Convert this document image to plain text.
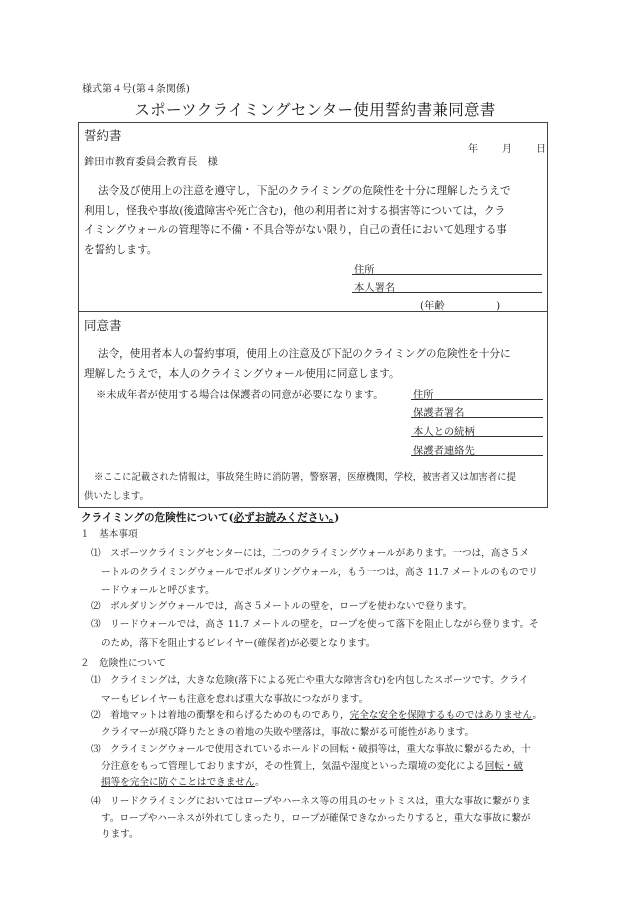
様式第４号(第４条関係)
スポーツクライミングセンター使用誓約書兼同意書
誓約書
年 月 日
鉾田市教育委員会教育長　様
法令及び使用上の注意を遵守し，下記のクライミングの危険性を十分に理解したうえで
利用し，怪我や事故(後遺障害や死亡含む)，他の利用者に対する損害等については，クラ
イミングウォールの管理等に不備・不具合等がない限り，自己の責任において処理する事
を誓約します。
住所
本人署名
(年齢　　　　　)
同意書
法令，使用者本人の誓約事項，使用上の注意及び下記のクライミングの危険性を十分に
理解したうえで，本人のクライミングウォール使用に同意します。
※未成年者が使用する場合は保護者の同意が必要になります。	住所
保護者署名
本人との続柄
保護者連絡先
※ここに記載された情報は，事故発生時に消防署，警察署，医療機関，学校，被害者又は加害者に提
供いたします。
クライミングの危険性について(必ずお読みください。)
１　基本事項
⑴　スポーツクライミングセンターには，二つのクライミングウォールがあります。一つは，高さ５メ
ートルのクライミングウォールでボルダリングウォール，もう一つは，高さ 11.7 メートルのものでリ
ードウォールと呼びます。
⑵　ボルダリングウォールでは，高さ５メートルの壁を，ロープを使わないで登ります。
⑶　リードウォールでは，高さ 11.7 メートルの壁を，ロープを使って落下を阻止しながら登ります。そ
のため，落下を阻止するビレイヤー(確保者)が必要となります。
２　危険性について
⑴　クライミングは，大きな危険(落下による死亡や重大な障害含む)を内包したスポーツです。クライ
マーもビレイヤーも注意を怠れば重大な事故につながります。
⑵　着地マットは着地の衝撃を和らげるためのものであり，完全な安全を保障するものではありません。
クライマーが飛び降りたときの着地の失敗や墜落は，事故に繋がる可能性があります。
⑶　クライミングウォールで使用されているホールドの回転・破損等は，重大な事故に繋がるため，十
分注意をもって管理しておりますが，その性質上，気温や湿度といった環境の変化による回転・破
損等を完全に防ぐことはできません。
⑷　リードクライミングにおいてはロープやハーネス等の用具のセットミスは，重大な事故に繋がりま
す。ロープやハーネスが外れてしまったり，ロープが確保できなかったりすると，重大な事故に繋が
ります。
